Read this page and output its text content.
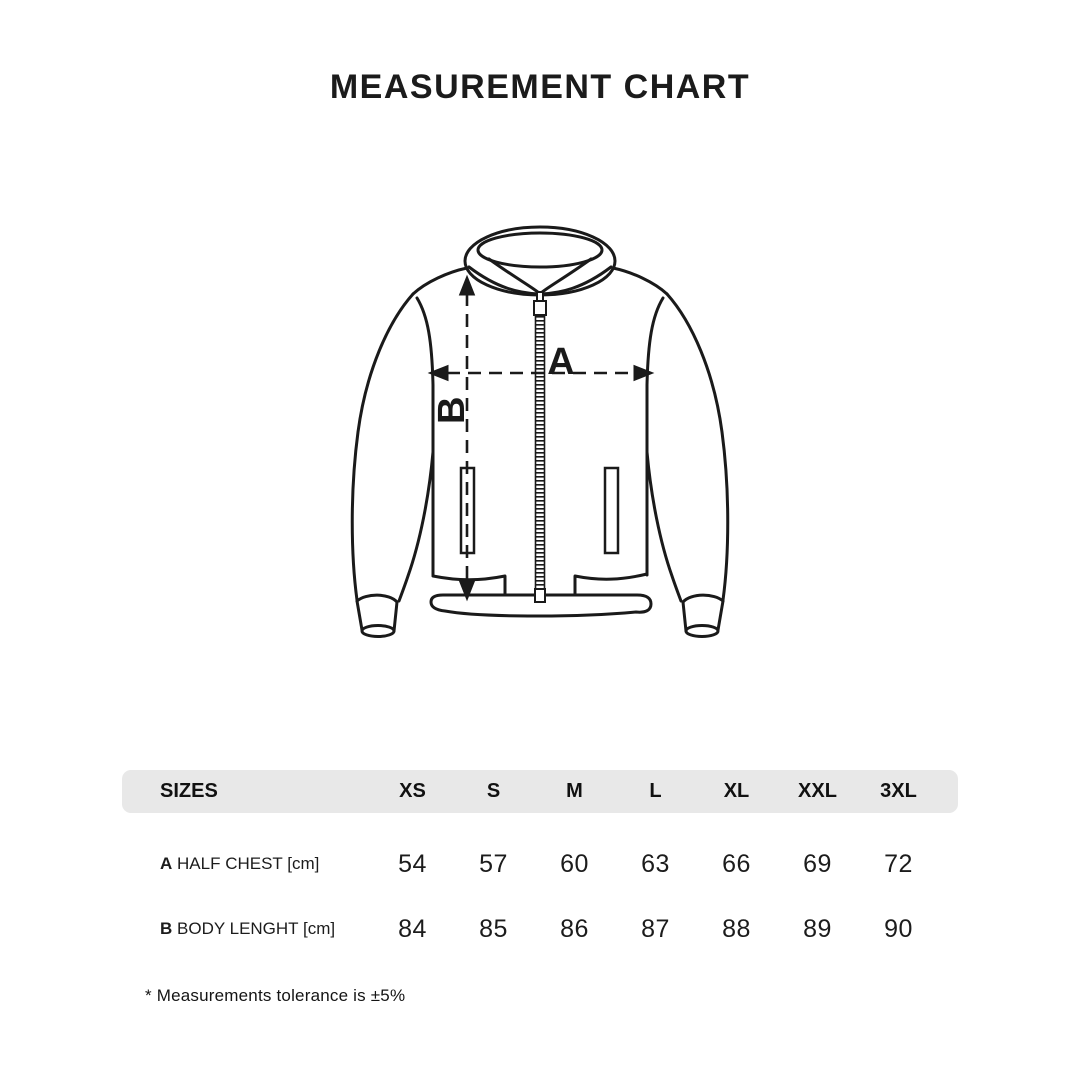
MEASUREMENT CHART
A
B
SIZES	XS	S	M	L	XL	XXL	3XL
A HALF CHEST [cm]	54	57	60	63	66	69	72
B BODY LENGHT [cm]	84	85	86	87	88	89	90
* Measurements tolerance is ±5%
